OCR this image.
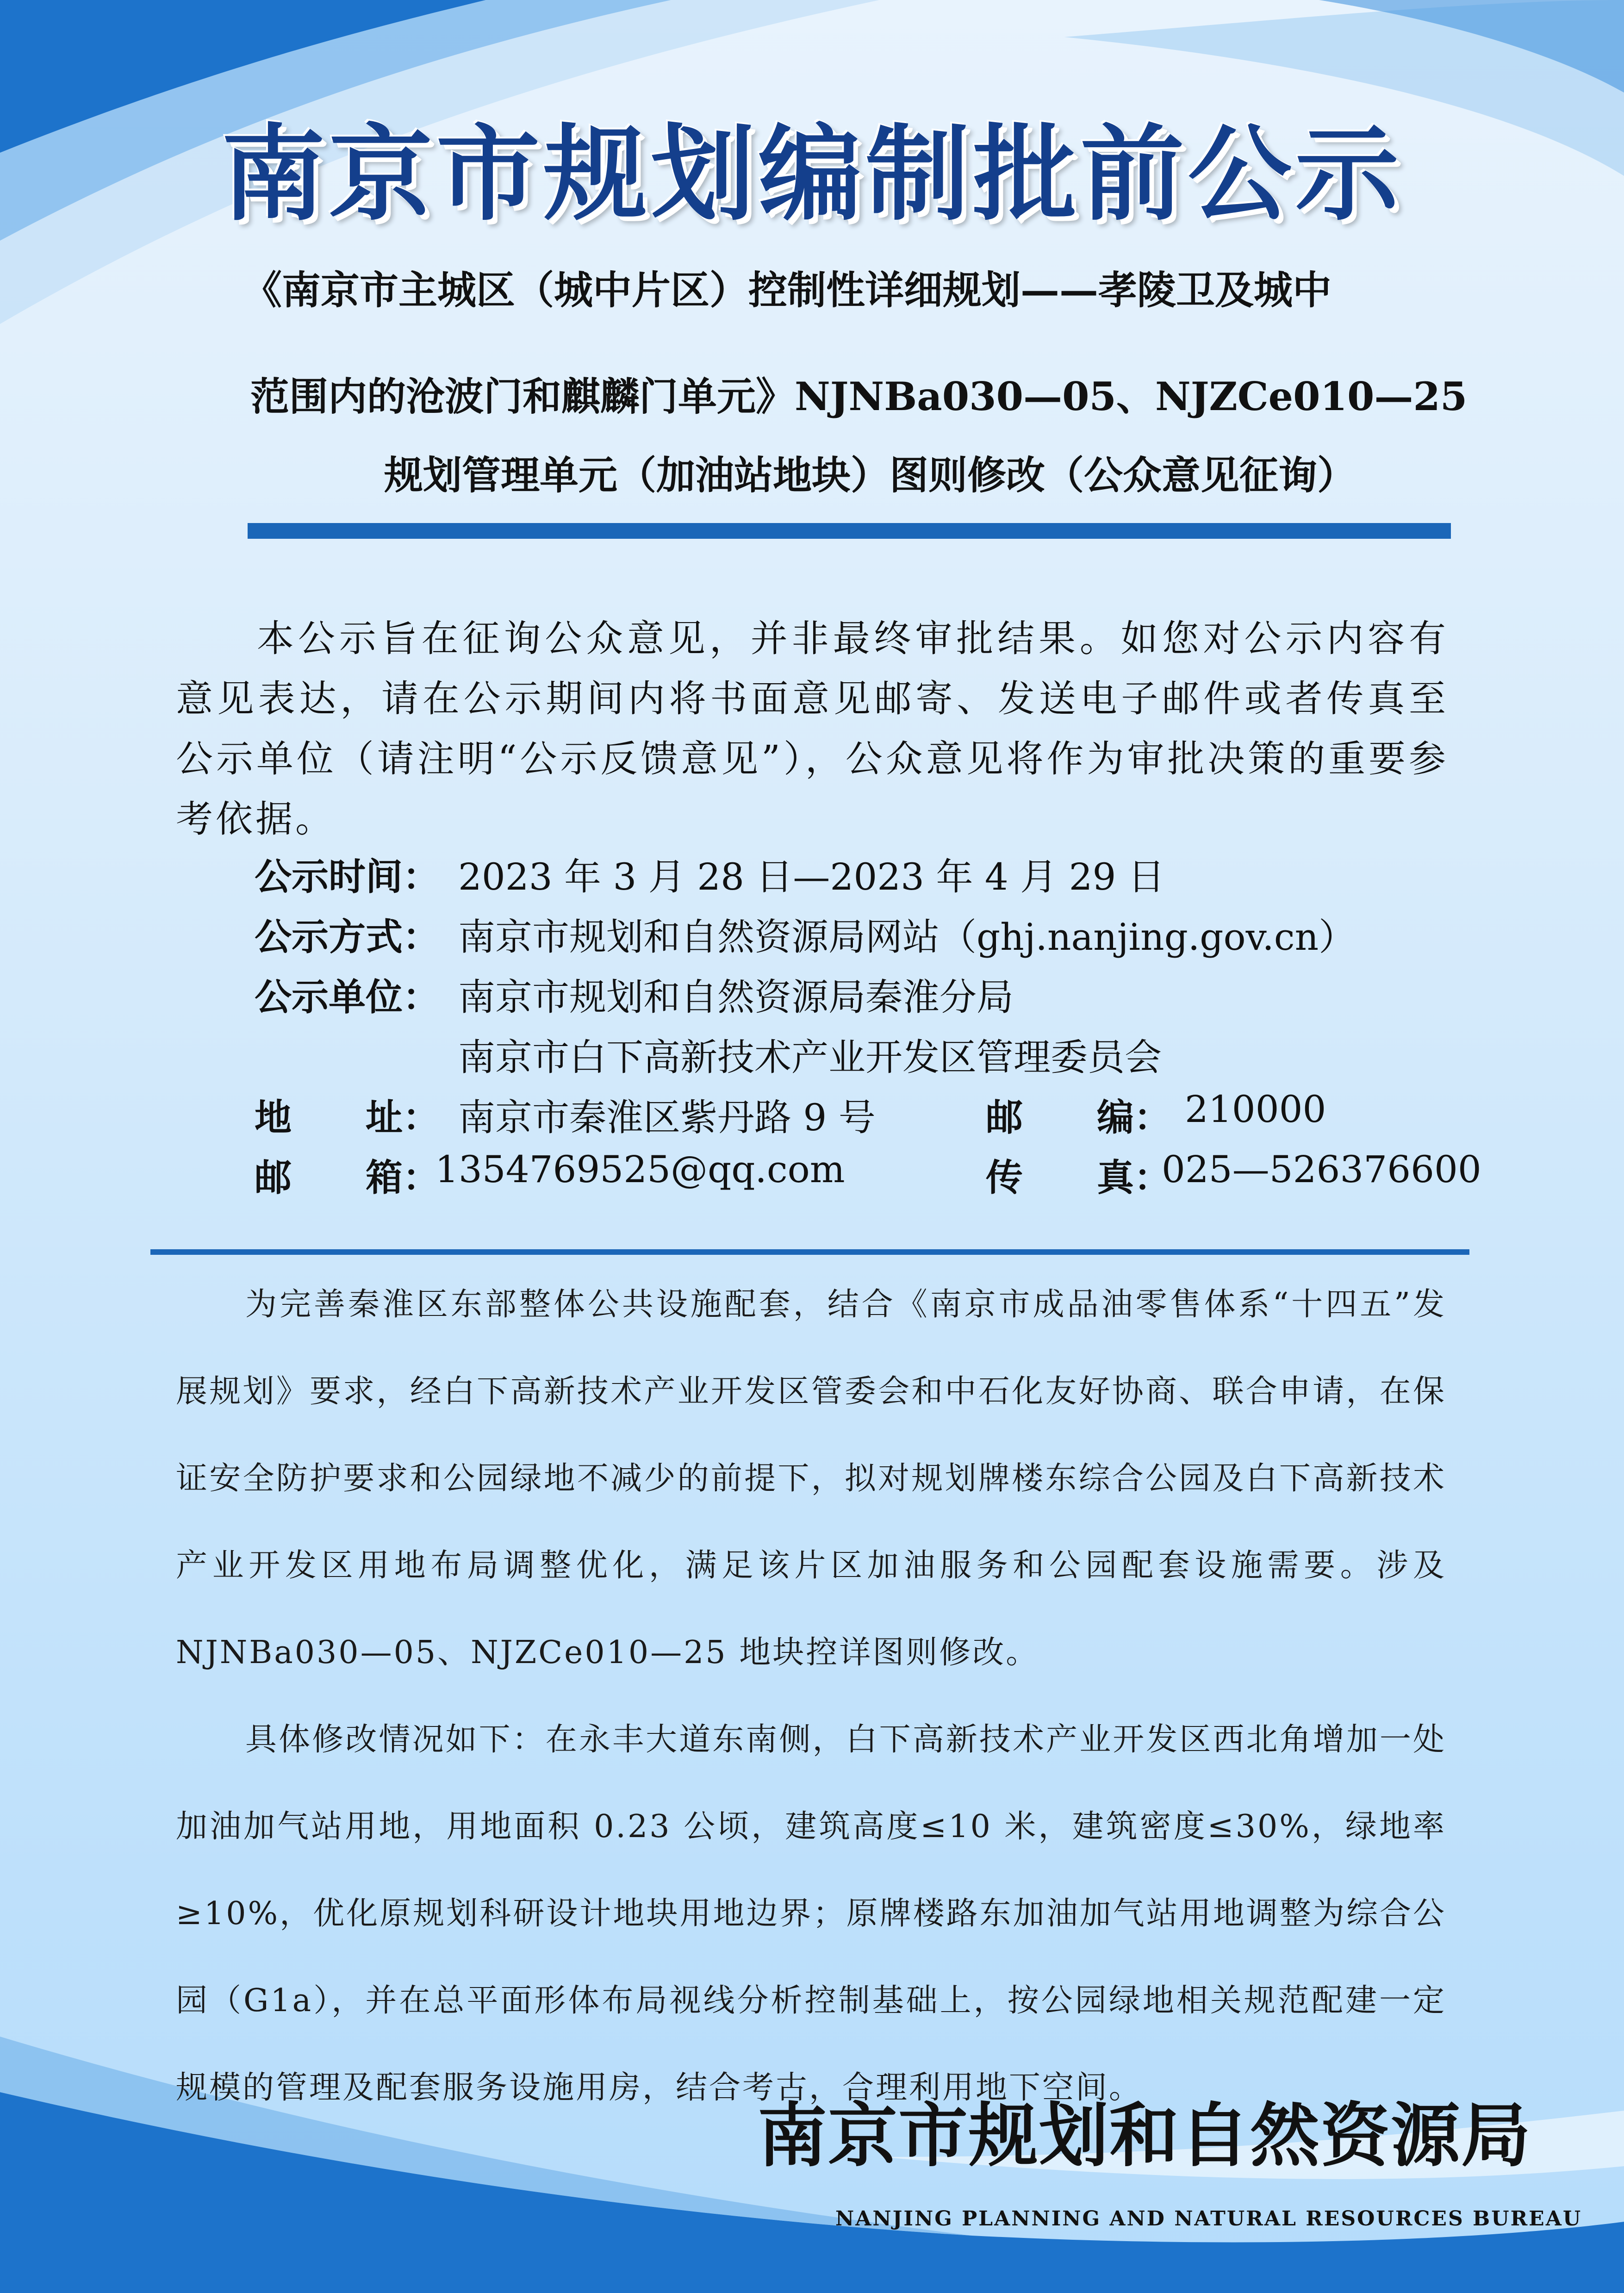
南京市规划编制批前公示
《南京市主城区（城中片区）控制性详细规划——孝陵卫及城中
范围内的沧波门和麒麟门单元》NJNBa030—05、NJZCe010—25
规划管理单元（加油站地块）图则修改（公众意见征询）
本公示旨在征询公众意见，并非最终审批结果。如您对公示内容有意见表达，请在公示期间内将书面意见邮寄、发送电子邮件或者传真至公示单位（请注明“公示反馈意见”），公众意见将作为审批决策的重要参考依据。
公示时间： 2023 年 3 月 28 日—2023 年 4 月 29 日
公示方式： 南京市规划和自然资源局网站（ghj.nanjing.gov.cn）
公示单位： 南京市规划和自然资源局秦淮分局
南京市白下高新技术产业开发区管理委员会
地　　址： 南京市秦淮区紫丹路 9 号	邮　　编： 210000
邮　　箱：
1354769525@qq.com	传　　真：
025—526376600
为完善秦淮区东部整体公共设施配套，结合《南京市成品油零售体系“十四五”发展规划》要求，经白下高新技术产业开发区管委会和中石化友好协商、联合申请，在保证安全防护要求和公园绿地不减少的前提下，拟对规划牌楼东综合公园及白下高新技术产业开发区用地布局调整优化，满足该片区加油服务和公园配套设施需要。涉及 NJNBa030—05、NJZCe010—25 地块控详图则修改。
具体修改情况如下：在永丰大道东南侧，白下高新技术产业开发区西北角增加一处加油加气站用地，用地面积 0.23 公顷，建筑高度≤10 米，建筑密度≤30%，绿地率≥10%，优化原规划科研设计地块用地边界；原牌楼路东加油加气站用地调整为综合公园（G1a），并在总平面形体布局视线分析控制基础上，按公园绿地相关规范配建一定规模的管理及配套服务设施用房，结合考古，合理利用地下空间。
南京市规划和自然资源局
NANJING PLANNING AND NATURAL RESOURCES BUREAU
